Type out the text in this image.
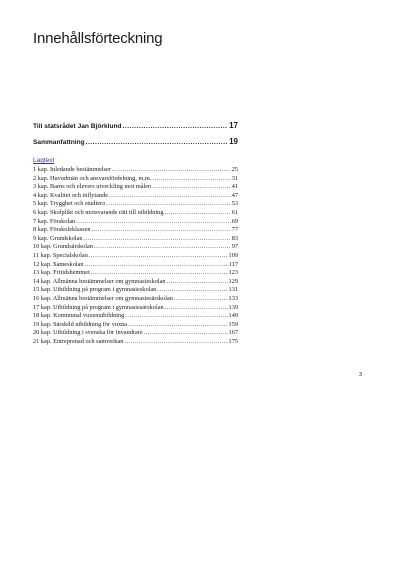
Innehållsförteckning
Till statsrådet Jan Björklund .....	17
Sammanfattning .....	19
Lagtext
1 kap. Inledande bestämmelser .....	25
2 kap. Huvudmän och ansvarsfördelning, m.m. .....	31
3 kap. Barns och elevers utveckling mot målen .....	41
4 kap. Kvalitet och inflytande .....	47
5 kap. Trygghet och studiero .....	53
6 kap. Skolplikt och motsvarande rätt till utbildning .....	61
7 kap. Förskolan .....	69
8 kap. Förskoleklassen .....	77
9 kap. Grundskolan .....	83
10 kap. Grundsärskolan .....	97
11 kap. Specialskolan .....	109
12 kap. Sameskolan .....	117
13 kap. Fritidshemmet .....	123
14 kap. Allmänna bestämmelser om gymnasieskolan .....	129
15 kap. Utbildning på program i gymnasieskolan .....	131
16 kap. Allmänna bestämmelser om gymnasiesärskolan .....	133
17 kap. Utbildning på program i gymnasiesärskolan .....	139
18 kap. Kommunal vuxenutbildning .....	149
19 kap. Särskild utbildning för vuxna .....	159
20 kap. Utbildning i svenska för invandrare .....	167
21 kap. Entreprenad och samverkan .....	175
3
